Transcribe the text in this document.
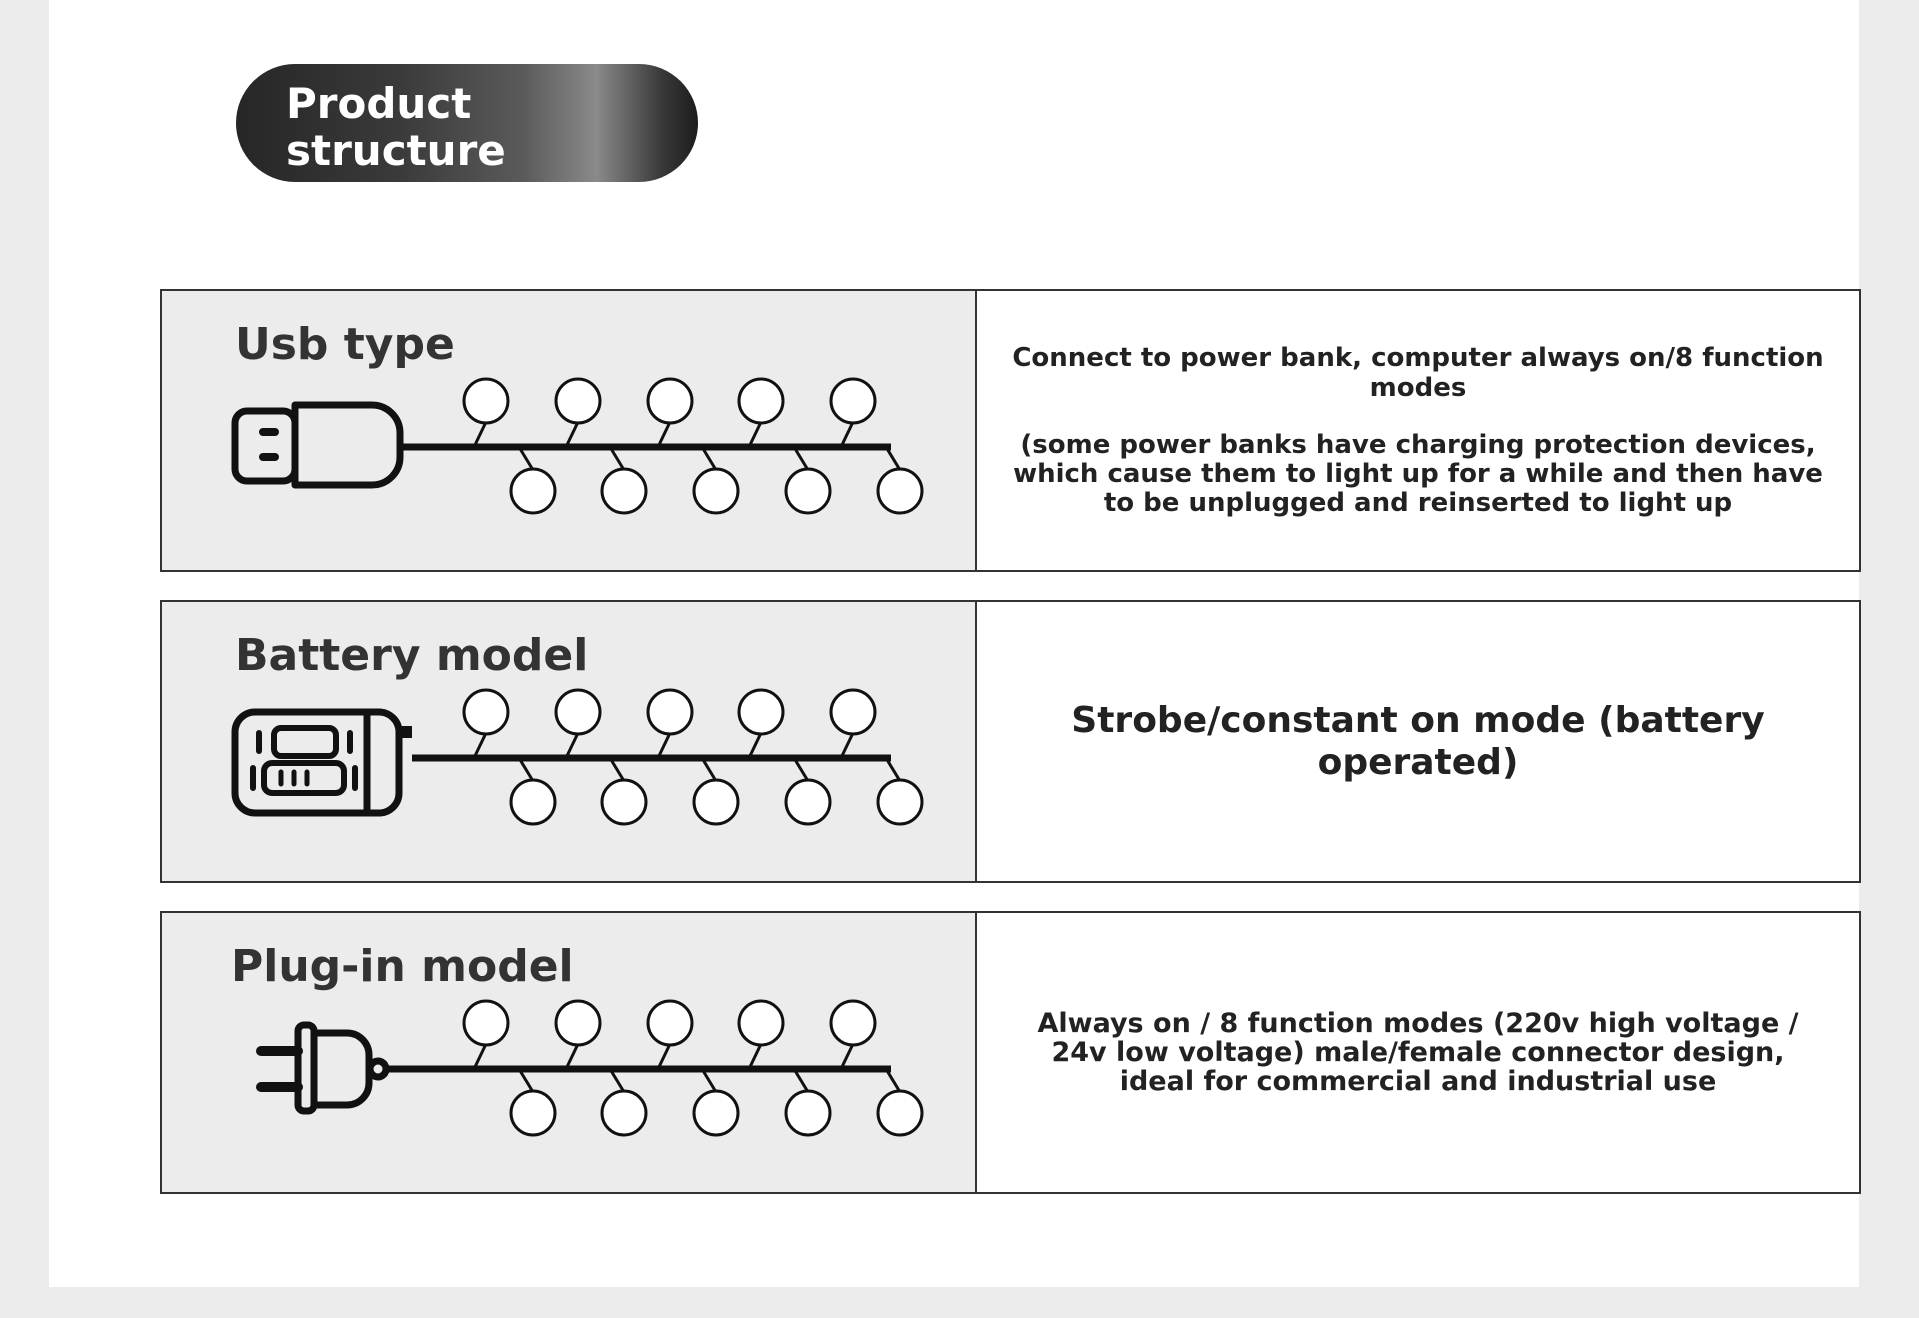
Product
structure
Usb type	Connect to power bank, computer always on/8 function modes
(some power banks have charging protection devices, which cause them to light up for a while and then have to be unplugged and reinserted to light up
Battery model
Strobe/constant on mode (battery operated)
Plug-in model
Always on / 8 function modes (220v high voltage / 24v low voltage) male/female connector design, ideal for commercial and industrial use
